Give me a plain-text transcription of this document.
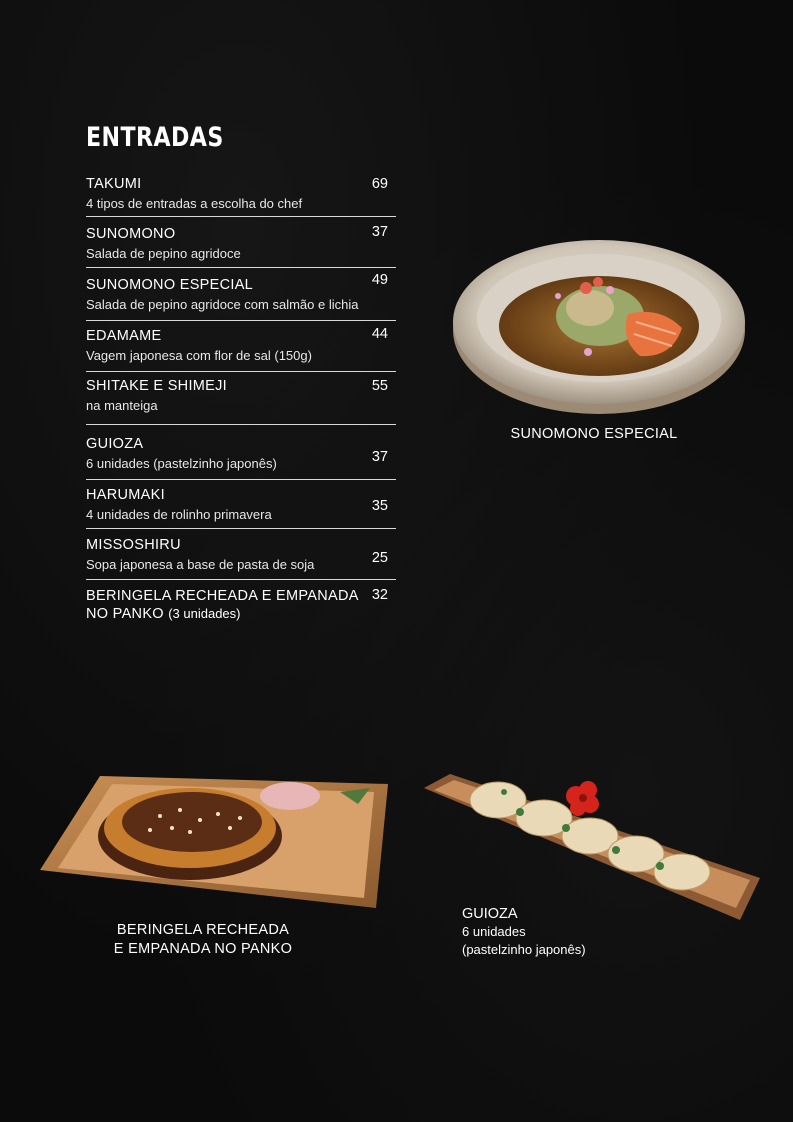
ENTRADAS
TAKUMI
4 tipos de entradas a escolha do chef
69
SUNOMONO
Salada de pepino agridoce
37
SUNOMONO ESPECIAL
Salada de pepino agridoce com salmão e lichia
49
EDAMAME
Vagem japonesa com flor de sal (150g)
44
SHITAKE E SHIMEJI
na manteiga
55
GUIOZA
6 unidades (pastelzinho japonês)	37
HARUMAKI
4 unidades de rolinho primavera
35
MISSOSHIRU
Sopa japonesa a base de pasta de soja	25
BERINGELA RECHEADA E EMPANADA NO PANKO (3 unidades)
32
SUNOMONO ESPECIAL
BERINGELA RECHEADA
E EMPANADA NO PANKO
GUIOZA
6 unidades
(pastelzinho japonês)
